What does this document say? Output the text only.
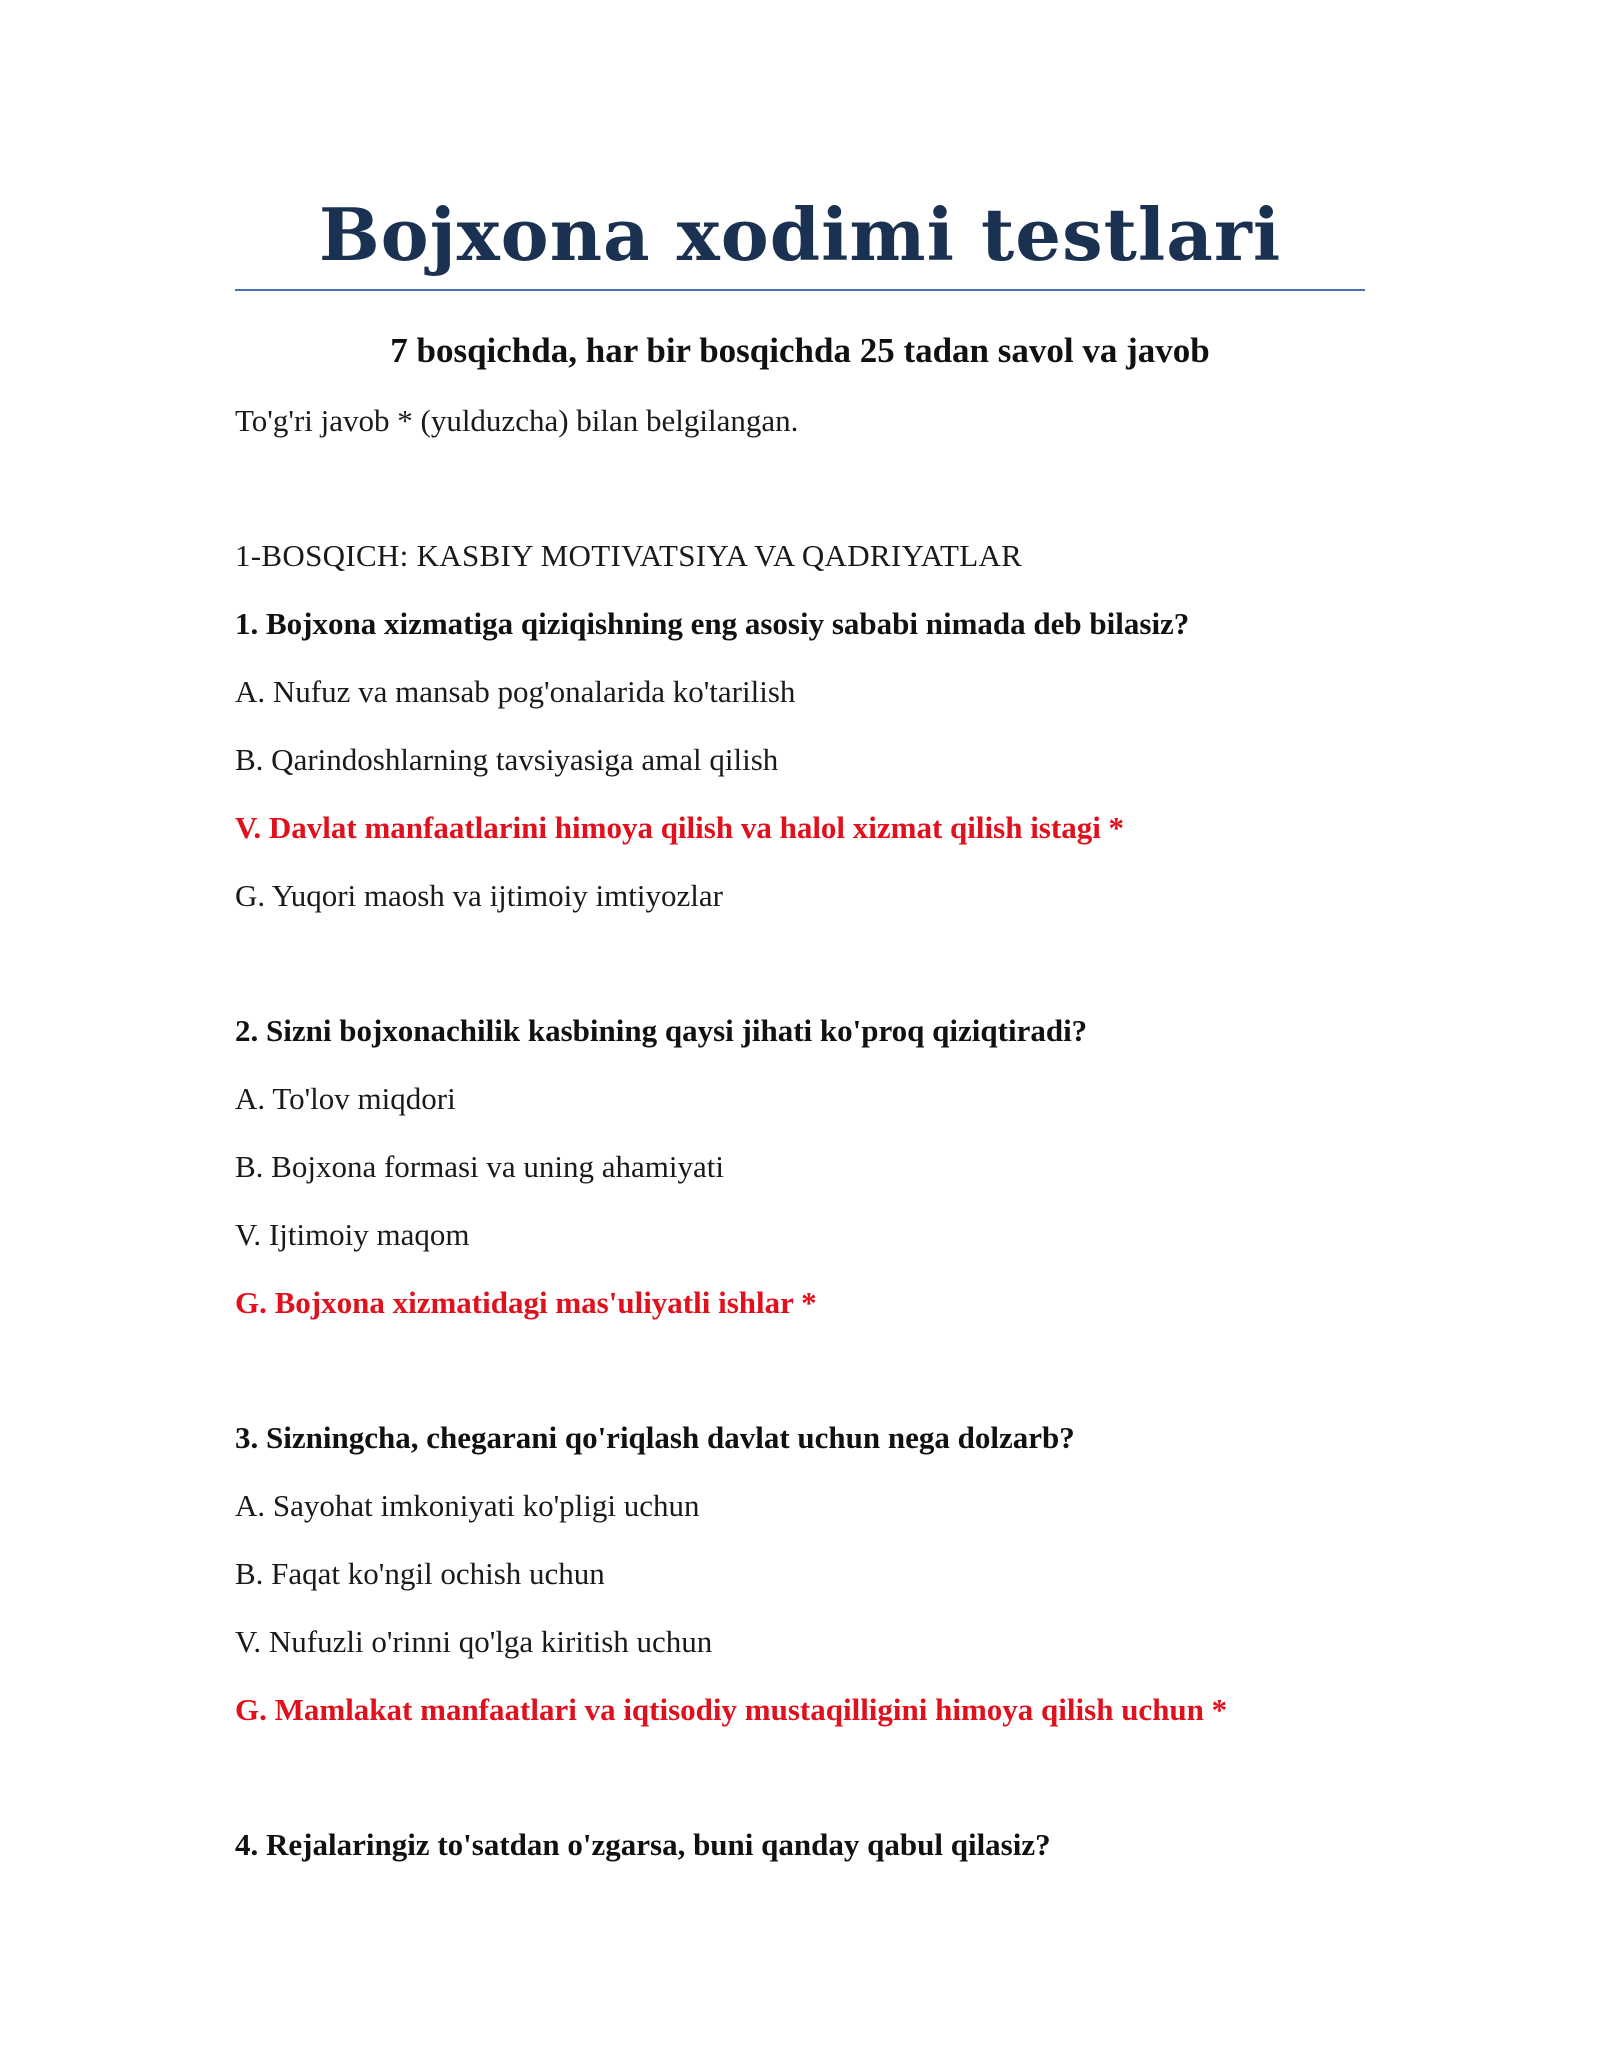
Bojxona xodimi testlari
7 bosqichda, har bir bosqichda 25 tadan savol va javob
To'g'ri javob * (yulduzcha) bilan belgilangan.
1-BOSQICH: KASBIY MOTIVATSIYA VA QADRIYATLAR
1. Bojxona xizmatiga qiziqishning eng asosiy sababi nimada deb bilasiz?
A. Nufuz va mansab pog'onalarida ko'tarilish
B. Qarindoshlarning tavsiyasiga amal qilish
V. Davlat manfaatlarini himoya qilish va halol xizmat qilish istagi *
G. Yuqori maosh va ijtimoiy imtiyozlar
2. Sizni bojxonachilik kasbining qaysi jihati ko'proq qiziqtiradi?
A. To'lov miqdori
B. Bojxona formasi va uning ahamiyati
V. Ijtimoiy maqom
G. Bojxona xizmatidagi mas'uliyatli ishlar *
3. Sizningcha, chegarani qo'riqlash davlat uchun nega dolzarb?
A. Sayohat imkoniyati ko'pligi uchun
B. Faqat ko'ngil ochish uchun
V. Nufuzli o'rinni qo'lga kiritish uchun
G. Mamlakat manfaatlari va iqtisodiy mustaqilligini himoya qilish uchun *
4. Rejalaringiz to'satdan o'zgarsa, buni qanday qabul qilasiz?
